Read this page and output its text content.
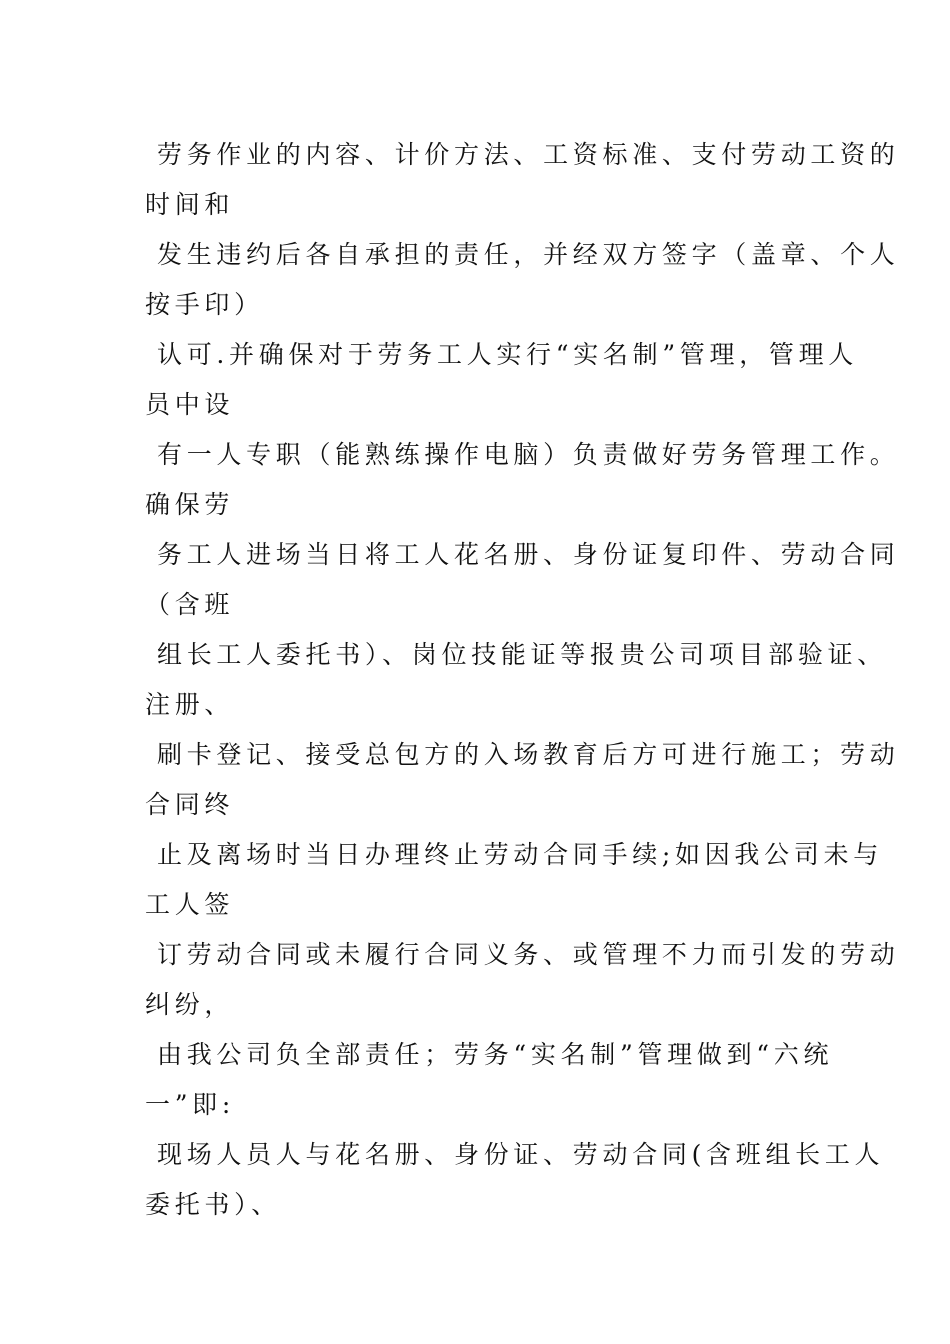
劳务作业的内容、计价方法、工资标准、支付劳动工资的
时间和
发生违约后各自承担的责任，并经双方签字（盖章、个人
按手印）
认可.并确保对于劳务工人实行“实名制”管理，管理人
员中设
有一人专职（能熟练操作电脑）负责做好劳务管理工作。
确保劳
务工人进场当日将工人花名册、身份证复印件、劳动合同
（含班
组长工人委托书）、岗位技能证等报贵公司项目部验证、
注册、
刷卡登记、接受总包方的入场教育后方可进行施工；劳动
合同终
止及离场时当日办理终止劳动合同手续;如因我公司未与
工人签
订劳动合同或未履行合同义务、或管理不力而引发的劳动
纠纷，
由我公司负全部责任；劳务“实名制”管理做到“六统
一”即:
现场人员人与花名册、身份证、劳动合同(含班组长工人
委托书）、
